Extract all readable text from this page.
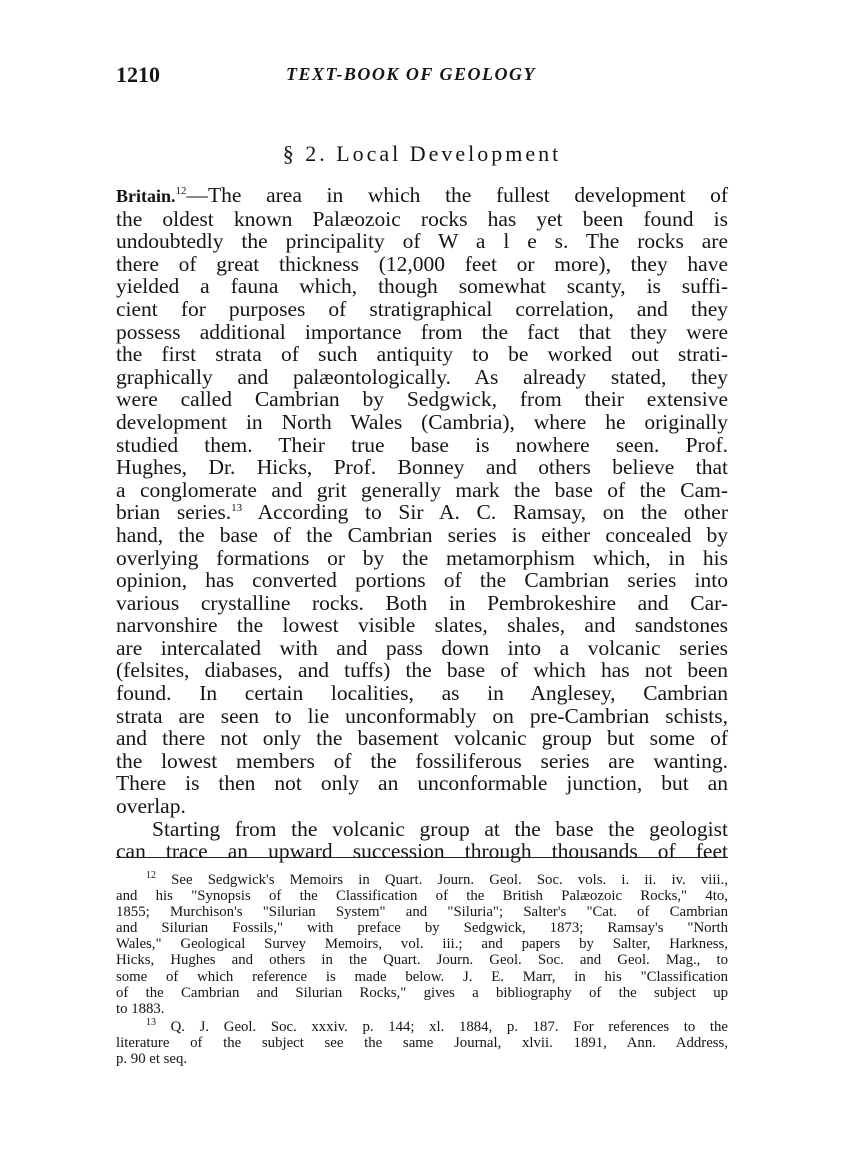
1210	TEXT-BOOK OF GEOLOGY
§ 2. Local Development
Britain.$^{12}$—The area in which the fullest development of
the oldest known Palæozoic rocks has yet been found is
undoubtedly the principality of W a l e s. The rocks are
there of great thickness (12,000 feet or more), they have
yielded a fauna which, though somewhat scanty, is suffi-
cient for purposes of stratigraphical correlation, and they
possess additional importance from the fact that they were
the first strata of such antiquity to be worked out strati-
graphically and palæontologically. As already stated, they
were called Cambrian by Sedgwick, from their extensive
development in North Wales (Cambria), where he originally
studied them. Their true base is nowhere seen. Prof.
Hughes, Dr. Hicks, Prof. Bonney and others believe that
a conglomerate and grit generally mark the base of the Cam-
brian series.$^{13}$ According to Sir A. C. Ramsay, on the other
hand, the base of the Cambrian series is either concealed by
overlying formations or by the metamorphism which, in his
opinion, has converted portions of the Cambrian series into
various crystalline rocks. Both in Pembrokeshire and Car-
narvonshire the lowest visible slates, shales, and sandstones
are intercalated with and pass down into a volcanic series
(felsites, diabases, and tuffs) the base of which has not been
found. In certain localities, as in Anglesey, Cambrian
strata are seen to lie unconformably on pre-Cambrian schists,
and there not only the basement volcanic group but some of
the lowest members of the fossiliferous series are wanting.
There is then not only an unconformable junction, but an
overlap.
Starting from the volcanic group at the base the geologist
can trace an upward succession through thousands of feet
$^{12}$ See Sedgwick's Memoirs in Quart. Journ. Geol. Soc. vols. i. ii. iv. viii.,
and his "Synopsis of the Classification of the British Palæozoic Rocks," 4to,
1855; Murchison's "Silurian System" and "Siluria"; Salter's "Cat. of Cambrian
and Silurian Fossils," with preface by Sedgwick, 1873; Ramsay's "North
Wales," Geological Survey Memoirs, vol. iii.; and papers by Salter, Harkness,
Hicks, Hughes and others in the Quart. Journ. Geol. Soc. and Geol. Mag., to
some of which reference is made below. J. E. Marr, in his "Classification
of the Cambrian and Silurian Rocks," gives a bibliography of the subject up
to 1883.
$^{13}$ Q. J. Geol. Soc. xxxiv. p. 144; xl. 1884, p. 187. For references to the
literature of the subject see the same Journal, xlvii. 1891, Ann. Address,
p. 90 et seq.
